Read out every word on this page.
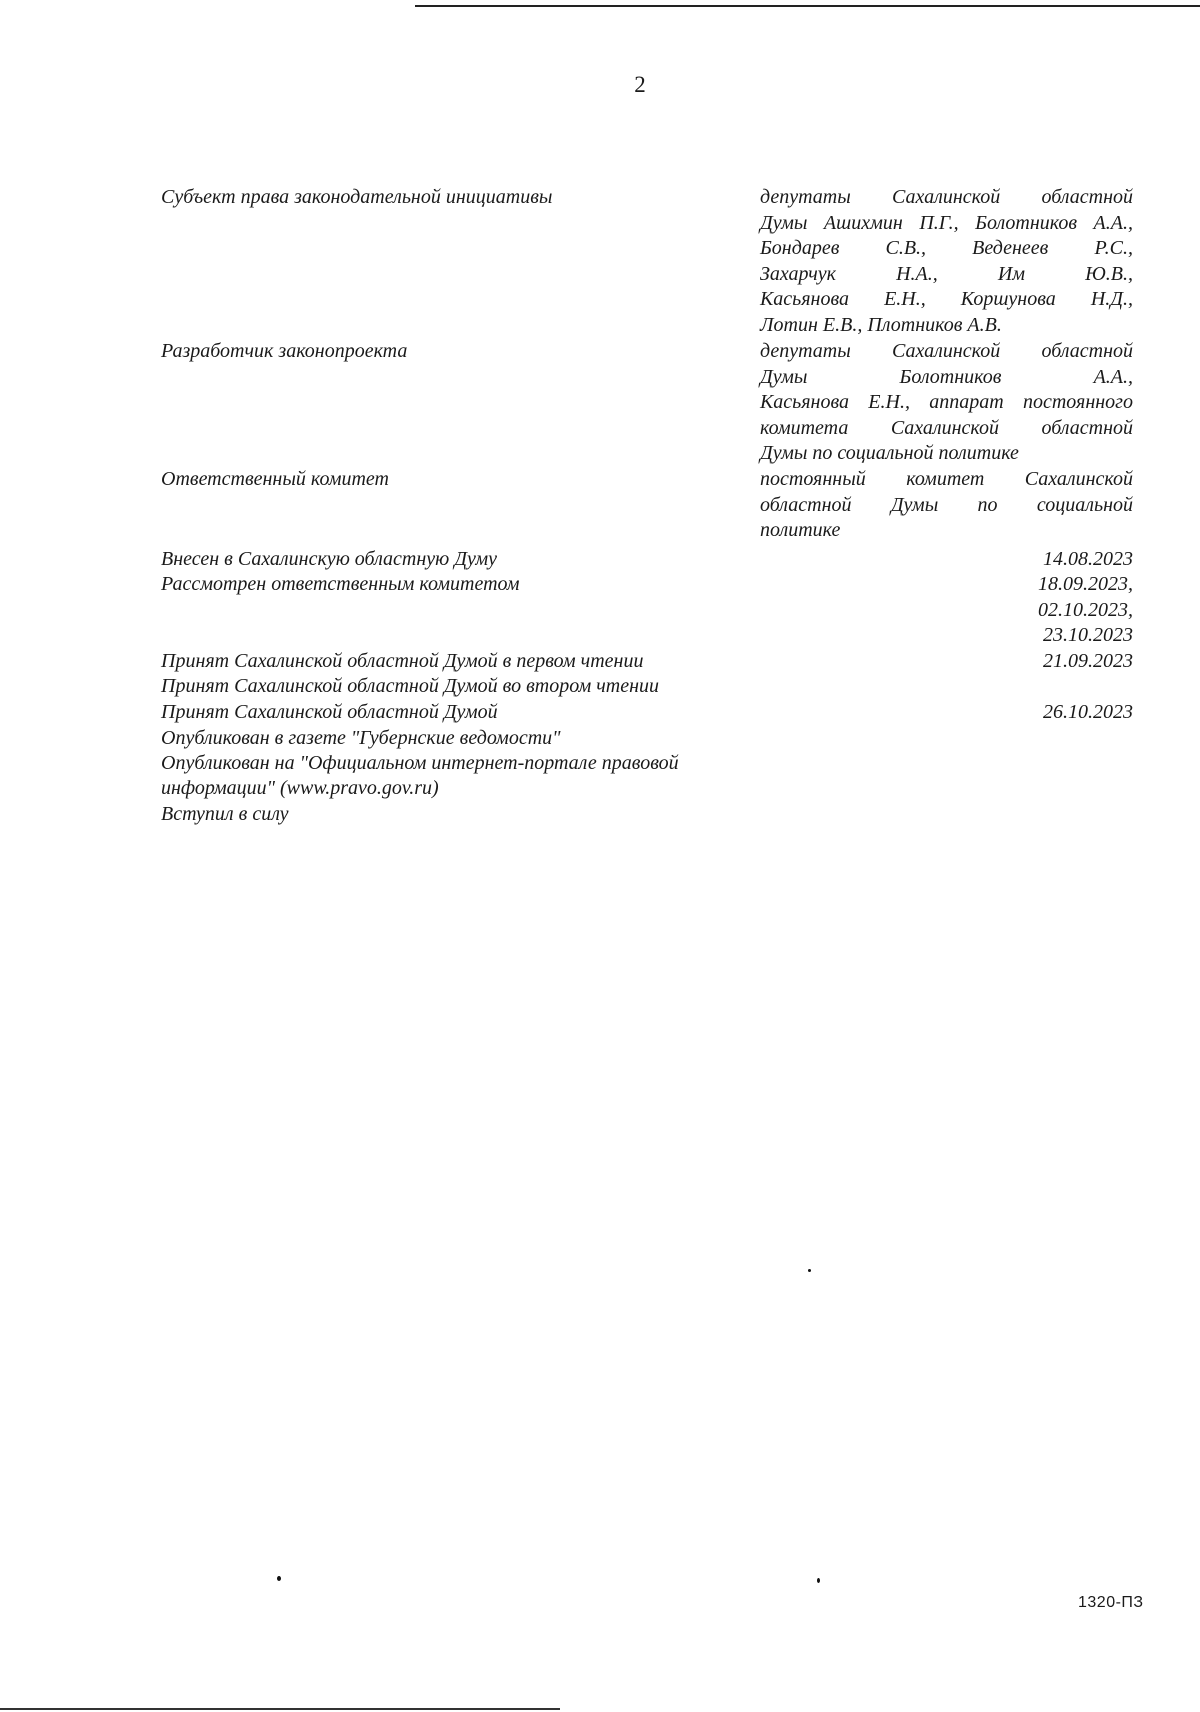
2
Субъект права законодательной инициативы	депутаты Сахалинской областной
Думы Ашихмин П.Г., Болотников А.А.,
Бондарев С.В., Веденеев Р.С.,
Захарчук Н.А., Им Ю.В.,
Касьянова Е.Н., Коршунова Н.Д.,
Лотин Е.В., Плотников А.В.
Разработчик законопроекта	депутаты Сахалинской областной
Думы Болотников А.А.,
Касьянова Е.Н., аппарат постоянного
комитета Сахалинской областной
Думы по социальной политике
Ответственный комитет	постоянный комитет Сахалинской
областной Думы по социальной
политике
Внесен в Сахалинскую областную Думу	14.08.2023
Рассмотрен ответственным комитетом	18.09.2023,
02.10.2023,
23.10.2023
Принят Сахалинской областной Думой в первом чтении	21.09.2023
Принят Сахалинской областной Думой во втором чтении
Принят Сахалинской областной Думой	26.10.2023
Опубликован в газете "Губернские ведомости"
Опубликован на "Официальном интернет-портале правовой
информации" (www.pravo.gov.ru)
Вступил в силу
1320-ПЗ
